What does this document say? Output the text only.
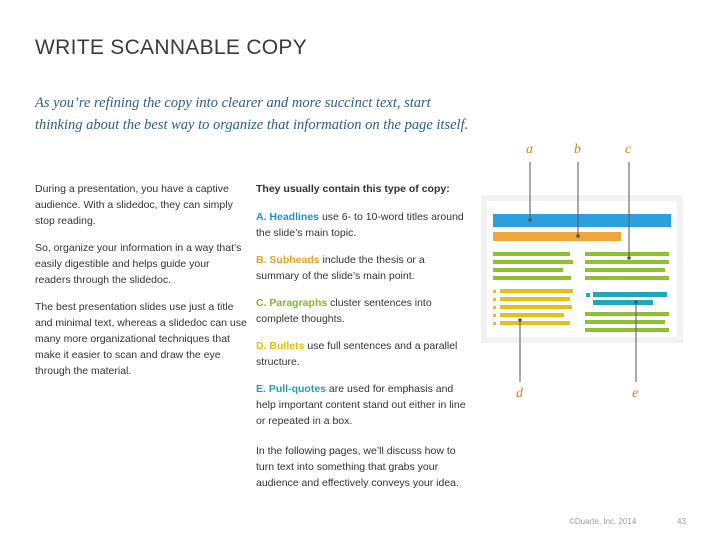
WRITE SCANNABLE COPY
As you’re refining the copy into clearer and more succinct text, start thinking about the best way to organize that information on the page itself.

During a presentation, you have a captive audience. With a slidedoc, they can simply stop reading.

So, organize your information in a way that’s easily digestible and helps guide your readers through the slidedoc.

The best presentation slides use just a title and minimal text, whereas a slidedoc can use many more organizational techniques that make it easier to scan and draw the eye through the material.

They usually contain this type of copy:
A. Headlines use 6- to 10-word titles around the slide’s main topic.
B. Subheads include the thesis or a summary of the slide’s main point.
C. Paragraphs cluster sentences into complete thoughts.
D. Bullets use full sentences and a parallel structure.
E. Pull-quotes are used for emphasis and help important content stand out either in line or repeated in a box.
In the following pages, we’ll discuss how to turn text into something that grabs your audience and effectively conveys your idea.
a	b	c
d	e
©Duarte, Inc. 2014	43
